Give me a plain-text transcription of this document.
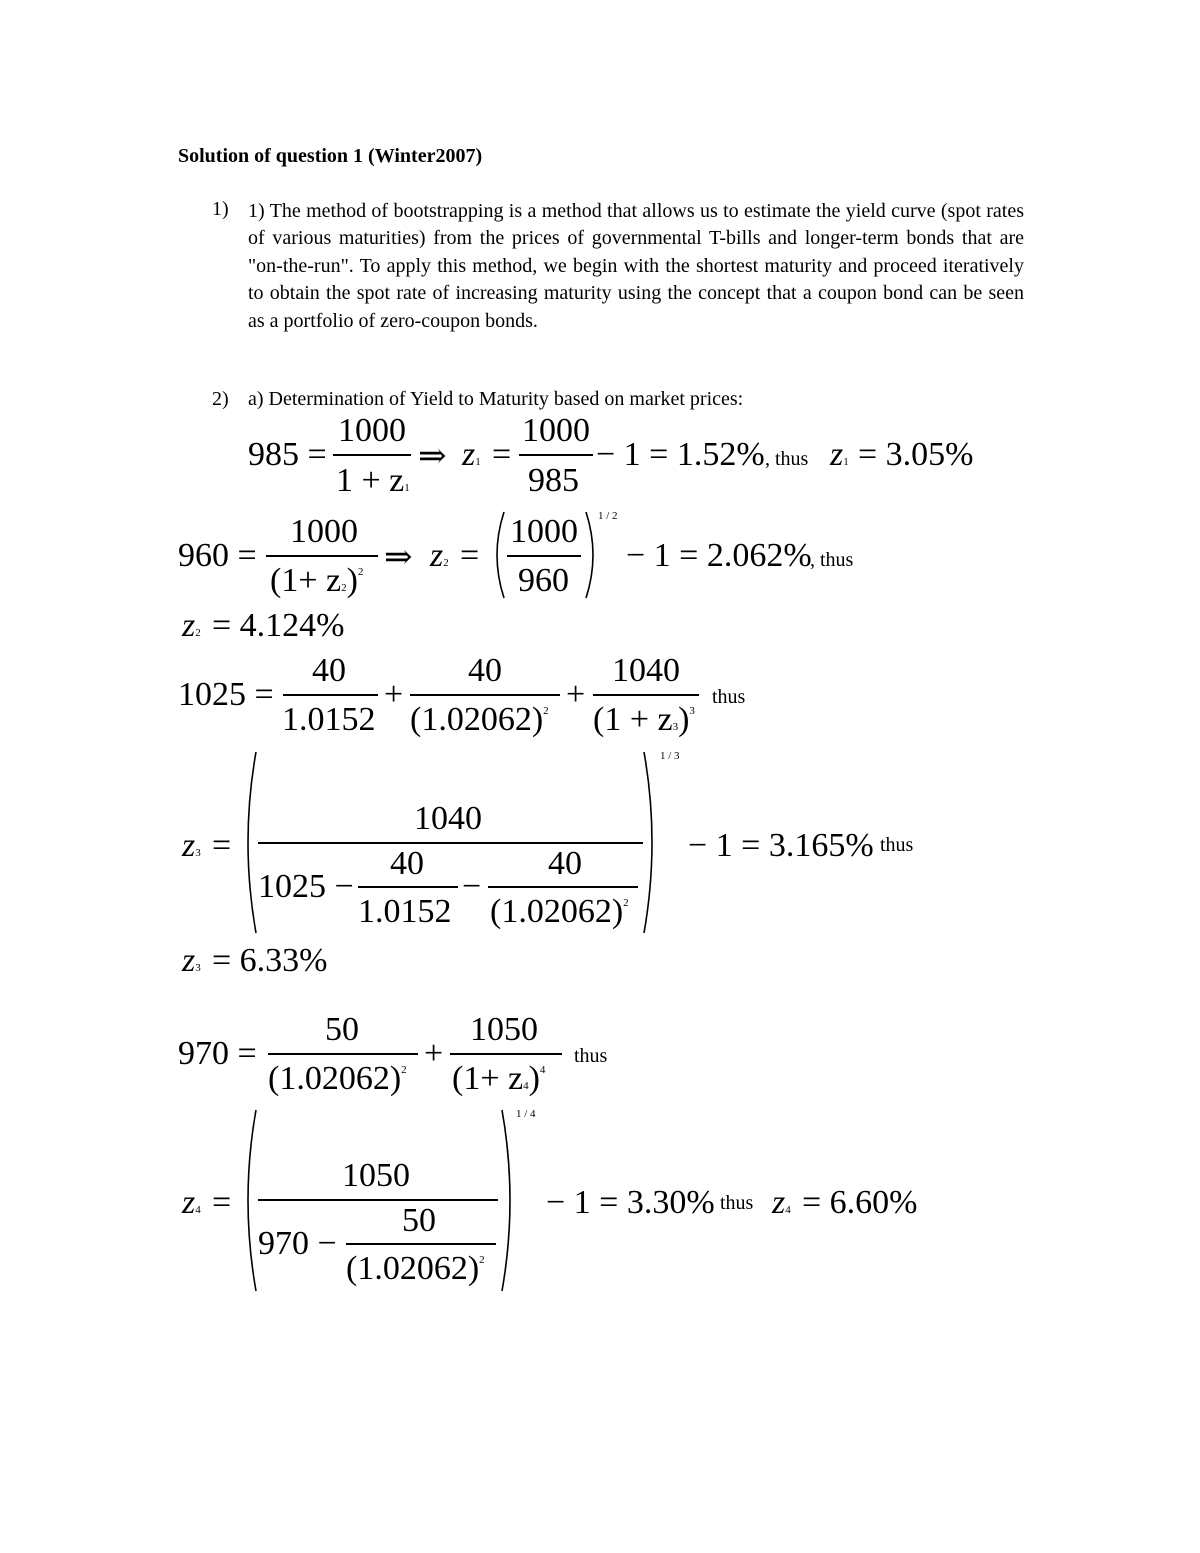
Solution of question 1 (Winter2007)
1) 1) The method of bootstrapping is a method that allows us to estimate the yield curve (spot rates of various maturities) from the prices of governmental T-bills and longer-term bonds that are "on-the-run". To apply this method, we begin with the shortest maturity and proceed iteratively to obtain the spot rate of increasing maturity using the concept that a coupon bond can be seen as a portfolio of zero-coupon bonds.
2) a) Determination of Yield to Maturity based on market prices:
985 =
1000
1 + z1
⇒ z1 =
1000
985
− 1 = 1.52% , thus z1 = 3.05%
960 =
1000
$(1+ z2)^2$ ⇒ z2 =
1000
960
1 / 2
− 1 = 2.062%
, thus
z2 = 4.124%
1025 =
40
1.0152
+
40
$(1.02062)^2$ +
1040
$(1 + z3)^3$
thus
z3 =
1040
1025 −
40
1.0152
−
40
$(1.02062)^2$
1 / 3
− 1 = 3.165% thus
z3 = 6.33%
970 =
50
$(1.02062)^2$ +
1050
$(1+ z4)^4$
thus
z4 =
1050
970 −
50
$(1.02062)^2$
1 / 4
− 1 = 3.30% thus z4 = 6.60%
